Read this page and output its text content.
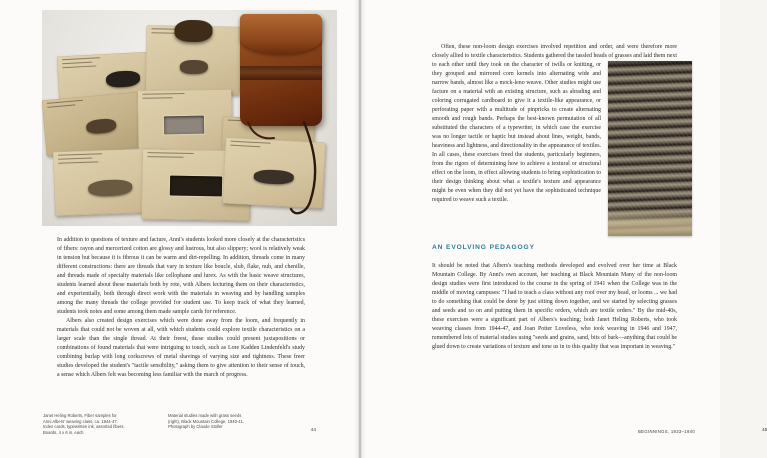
In addition to questions of texture and facture, Anni's students looked more closely at the characteristics of fibers: rayon and mercerized cotton are glossy and lustrous, but also slippery; wool is relatively weak in tension but because it is fibrous it can be warm and dirt-repelling. In addition, threads come in many different constructions: there are threads that vary in texture like boucle, slub, flake, nub, and chenille, and threads made of specialty materials like cellophane and lurex. As with the basic weave structures, students learned about these materials both by rote, with Albers lecturing them on their characteristics, and experientially, both through direct work with the materials in weaving and by handling samples among the many threads the college provided for student use. To keep track of what they learned, students took notes and some among them made sample cards for reference.

Albers also created design exercises which were done away from the loom, and frequently in materials that could not be woven at all, with which students could explore textile characteristics on a larger scale than the single thread. At their freest, these studies could present juxtapositions or combinations of found materials that were intriguing to touch, such as Lore Kadden Lindenfeld's study combining burlap with long corkscrews of metal shavings of varying size and tightness. These freer studies developed the student's "tactile sensibility," asking them to give attention to their sense of touch, a sense which Albers felt was becoming less familiar with the march of progress.

Janet Heling Roberts, Fiber samples for
Anni Albers' weaving class, ca. 1944-47.
Index cards, typewritten ink, assorted fibers.
Boards, 4 x 6 in. each
Material studies made with grass seeds
(right), Black Mountain College, 1940-41.
Photograph by Claude Stoller
44

Often, these non-loom design exercises involved repetition and order, and were therefore more closely allied to textile characteristics. Students gathered the tassled heads of grasses and laid them next to each other until they took on the character of twills or knitting, or they grouped and mirrored corn kernels into alternating wide and narrow bands, almost like a mock-leno weave. Other studies might use facture on a material with an existing structure, such as abrading and coloring corrugated cardboard to give it a textile-like appearance, or perforating paper with a multitude of pinpricks to create alternating smooth and rough bands. Perhaps the best-known permutation of all substituted the characters of a typewriter, in which case the exercise was no longer tactile or haptic but instead about lines, weight, bands, heaviness and lightness, and directionality in the appearance of textiles. In all cases, these exercises freed the students, particularly beginners, from the rigors of determining how to achieve a textural or structural effect on the loom, in effect allowing students to bring sophistication to their design thinking about what a textile's texture and appearance might be even when they did not yet have the sophisticated technique required to weave such a textile.

AN EVOLVING PEDAGOGY

It should be noted that Albers's teaching methods developed and evolved over her time at Black Mountain College. By Anni's own account, her teaching at Black Mountain Many of the non-loom design studies were first introduced to the course in the spring of 1941 when the College was in the middle of moving campuses: "I had to teach a class without any roof over my head, or looms ... we had to do something that could be done by just sitting down together, and we started by selecting grasses and seeds and so on and putting them in specific orders, which are textile orders." By the mid-40s, these exercises were a significant part of Albers's teaching; both Janet Heling Roberts, who took weaving classes from 1944-47, and Joan Potter Loveless, who took weaving in 1946 and 1947, remembered lots of material studies using "seeds and grains, sand, bits of bark—anything that could be glued down to create variations of texture and tone us in to this quality that was important in weaving."

45
BEGINNINGS, 1933–1940
